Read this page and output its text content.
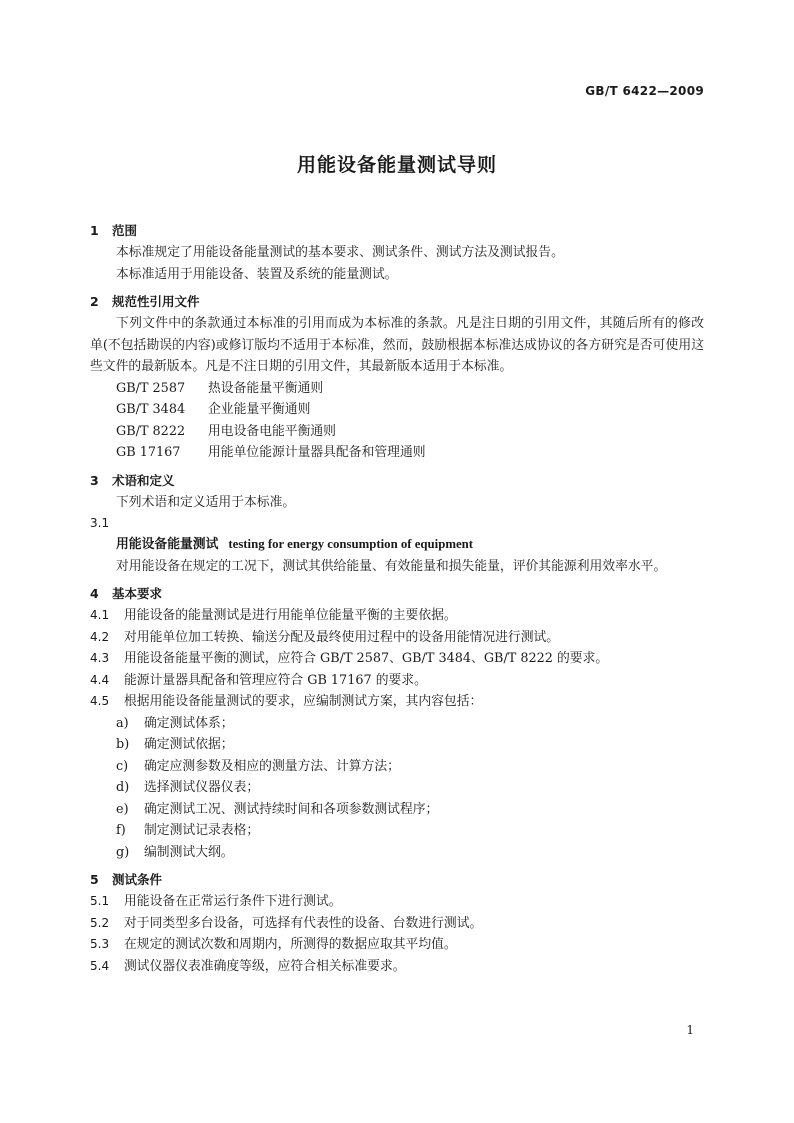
GB/T 6422—2009
用能设备能量测试导则
1 范围
本标准规定了用能设备能量测试的基本要求、测试条件、测试方法及测试报告。
本标准适用于用能设备、装置及系统的能量测试。
2 规范性引用文件
下列文件中的条款通过本标准的引用而成为本标准的条款。凡是注日期的引用文件，其随后所有的修改单(不包括勘误的内容)或修订版均不适用于本标准，然而，鼓励根据本标准达成协议的各方研究是否可使用这些文件的最新版本。凡是不注日期的引用文件，其最新版本适用于本标准。
GB/T 2587 热设备能量平衡通则
GB/T 3484 企业能量平衡通则
GB/T 8222 用电设备电能平衡通则
GB 17167 用能单位能源计量器具配备和管理通则
3 术语和定义
下列术语和定义适用于本标准。
3.1
用能设备能量测试 testing for energy consumption of equipment
对用能设备在规定的工况下，测试其供给能量、有效能量和损失能量，评价其能源利用效率水平。
4 基本要求
4.1 用能设备的能量测试是进行用能单位能量平衡的主要依据。
4.2 对用能单位加工转换、输送分配及最终使用过程中的设备用能情况进行测试。
4.3 用能设备能量平衡的测试，应符合 GB/T 2587、GB/T 3484、GB/T 8222 的要求。
4.4 能源计量器具配备和管理应符合 GB 17167 的要求。
4.5 根据用能设备能量测试的要求，应编制测试方案，其内容包括：
a) 确定测试体系；
b) 确定测试依据；
c) 确定应测参数及相应的测量方法、计算方法；
d) 选择测试仪器仪表；
e) 确定测试工况、测试持续时间和各项参数测试程序；
f) 制定测试记录表格；
g) 编制测试大纲。
5 测试条件
5.1 用能设备在正常运行条件下进行测试。
5.2 对于同类型多台设备，可选择有代表性的设备、台数进行测试。
5.3 在规定的测试次数和周期内，所测得的数据应取其平均值。
5.4 测试仪器仪表准确度等级，应符合相关标准要求。
1
